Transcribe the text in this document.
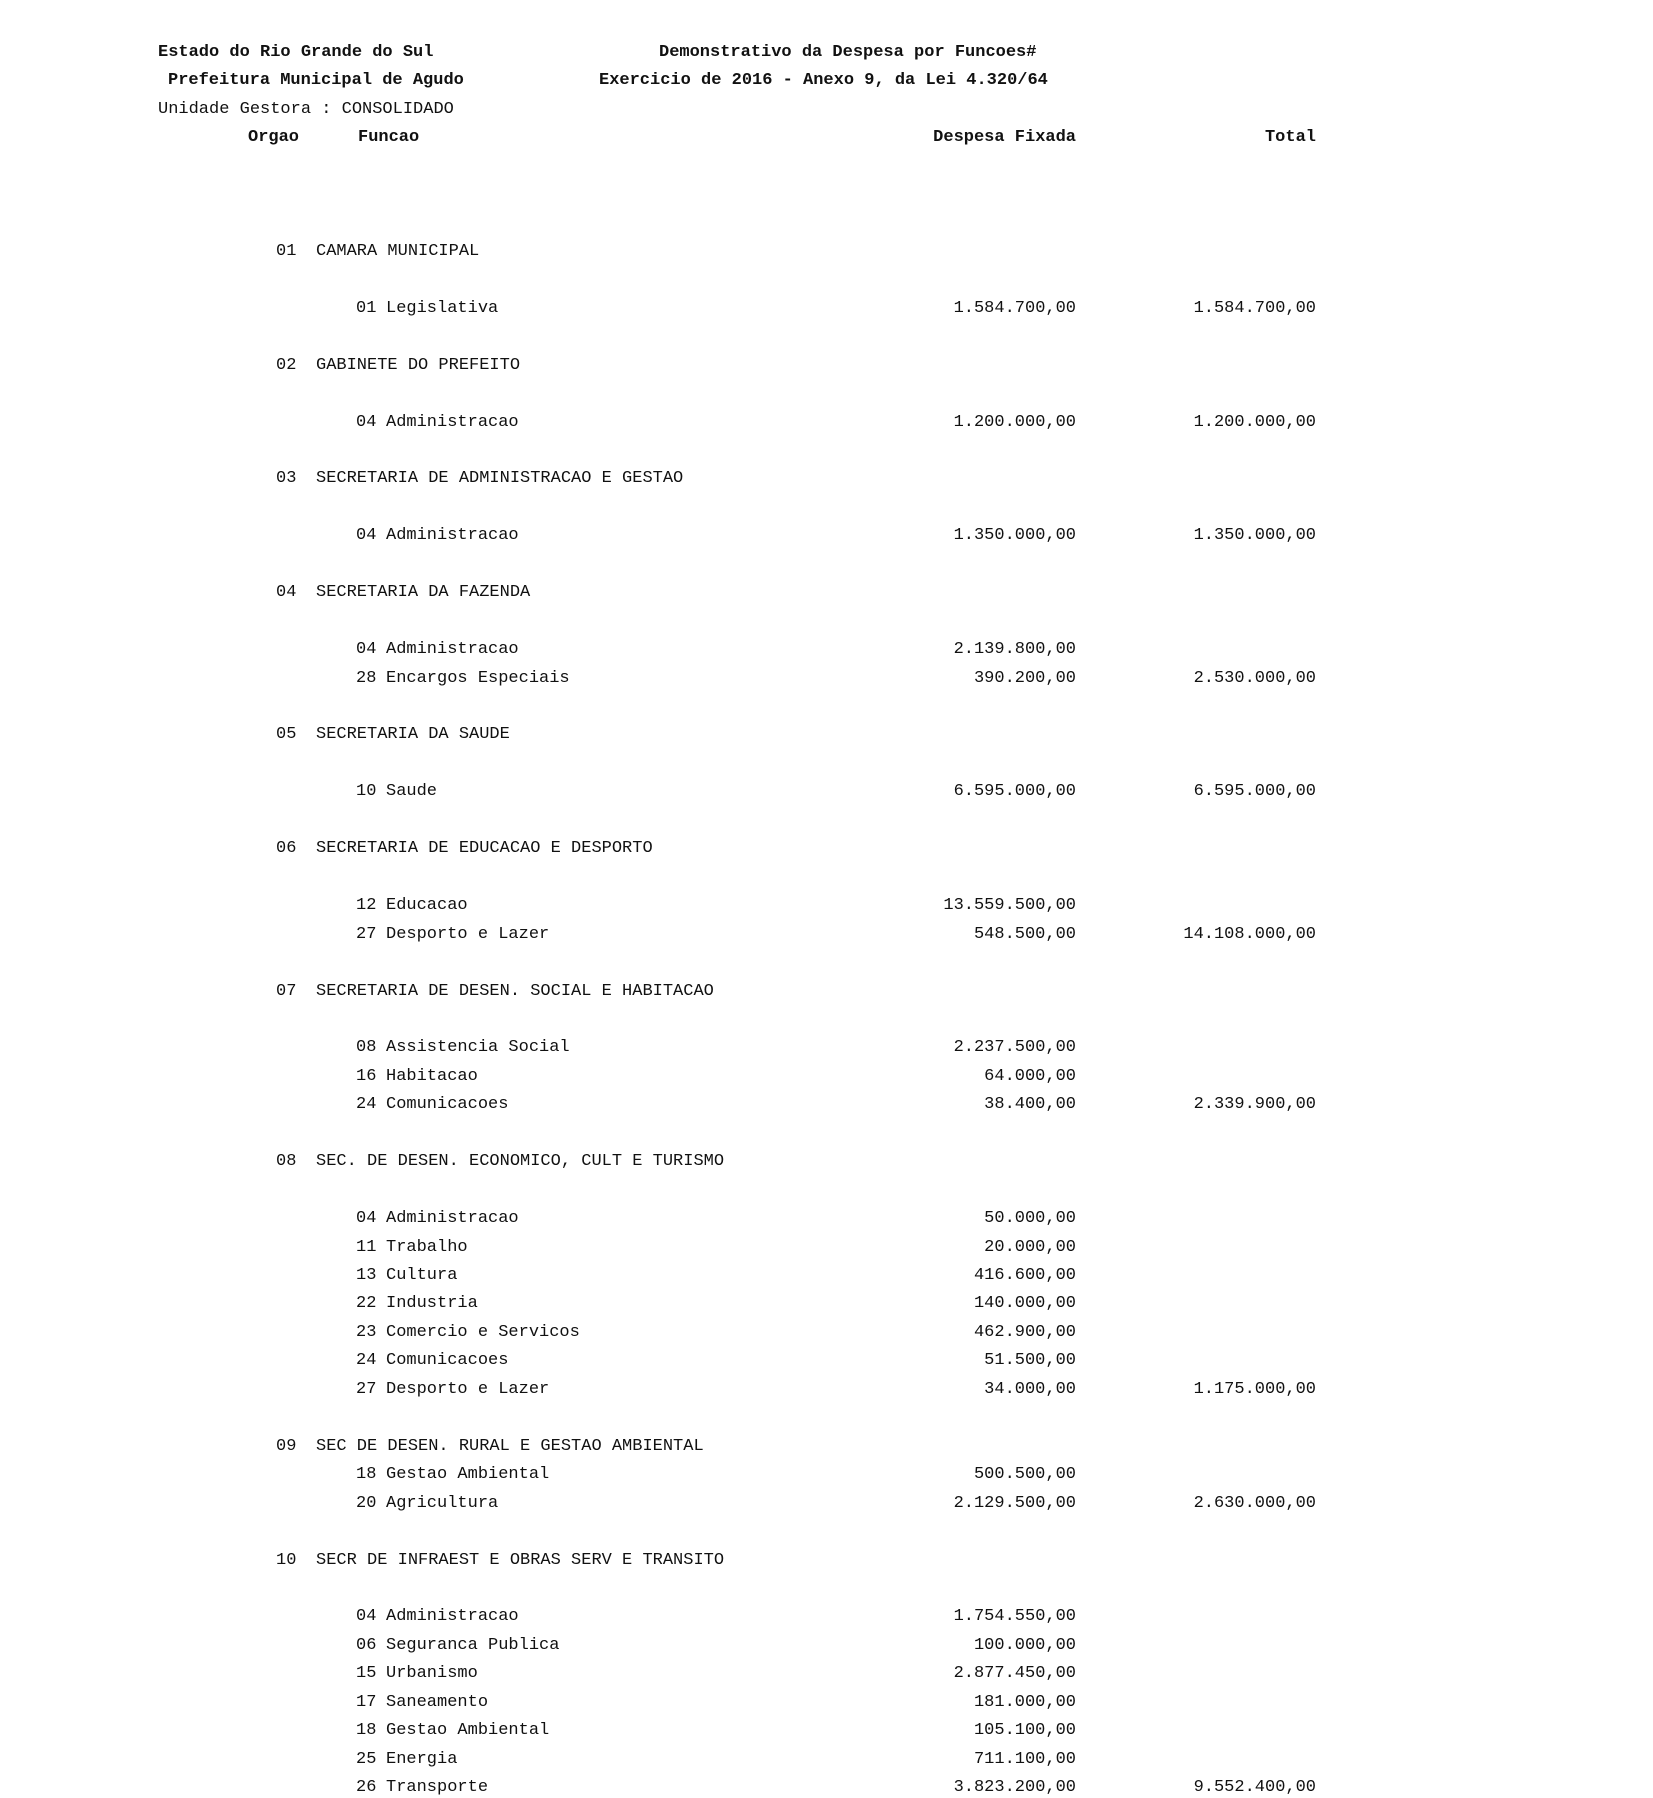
Estado do Rio Grande do Sul
Prefeitura Municipal de Agudo
Unidade Gestora : CONSOLIDADO
Demonstrativo da Despesa por Funcoes#
Exercicio de 2016 - Anexo 9, da Lei 4.320/64
Orgao	Funcao	Despesa Fixada	Total
01 CAMARA MUNICIPAL
01 Legislativa	1.584.700,00	1.584.700,00
02 GABINETE DO PREFEITO
04 Administracao	1.200.000,00	1.200.000,00
03 SECRETARIA DE ADMINISTRACAO E GESTAO
04 Administracao	1.350.000,00	1.350.000,00
04 SECRETARIA DA FAZENDA
04 Administracao	2.139.800,00
28 Encargos Especiais	390.200,00	2.530.000,00
05 SECRETARIA DA SAUDE
10 Saude	6.595.000,00	6.595.000,00
06 SECRETARIA DE EDUCACAO E DESPORTO
12 Educacao	13.559.500,00
27 Desporto e Lazer	548.500,00	14.108.000,00
07 SECRETARIA DE DESEN. SOCIAL E HABITACAO
08 Assistencia Social	2.237.500,00
16 Habitacao	64.000,00
24 Comunicacoes	38.400,00	2.339.900,00
08 SEC. DE DESEN. ECONOMICO, CULT E TURISMO
04 Administracao	50.000,00
11 Trabalho	20.000,00
13 Cultura	416.600,00
22 Industria	140.000,00
23 Comercio e Servicos	462.900,00
24 Comunicacoes	51.500,00
27 Desporto e Lazer	34.000,00	1.175.000,00
09 SEC DE DESEN. RURAL E GESTAO AMBIENTAL
18 Gestao Ambiental	500.500,00
20 Agricultura	2.129.500,00	2.630.000,00
10 SECR DE INFRAEST E OBRAS SERV E TRANSITO
04 Administracao	1.754.550,00
06 Seguranca Publica	100.000,00
15 Urbanismo	2.877.450,00
17 Saneamento	181.000,00
18 Gestao Ambiental	105.100,00
25 Energia	711.100,00
26 Transporte	3.823.200,00	9.552.400,00
